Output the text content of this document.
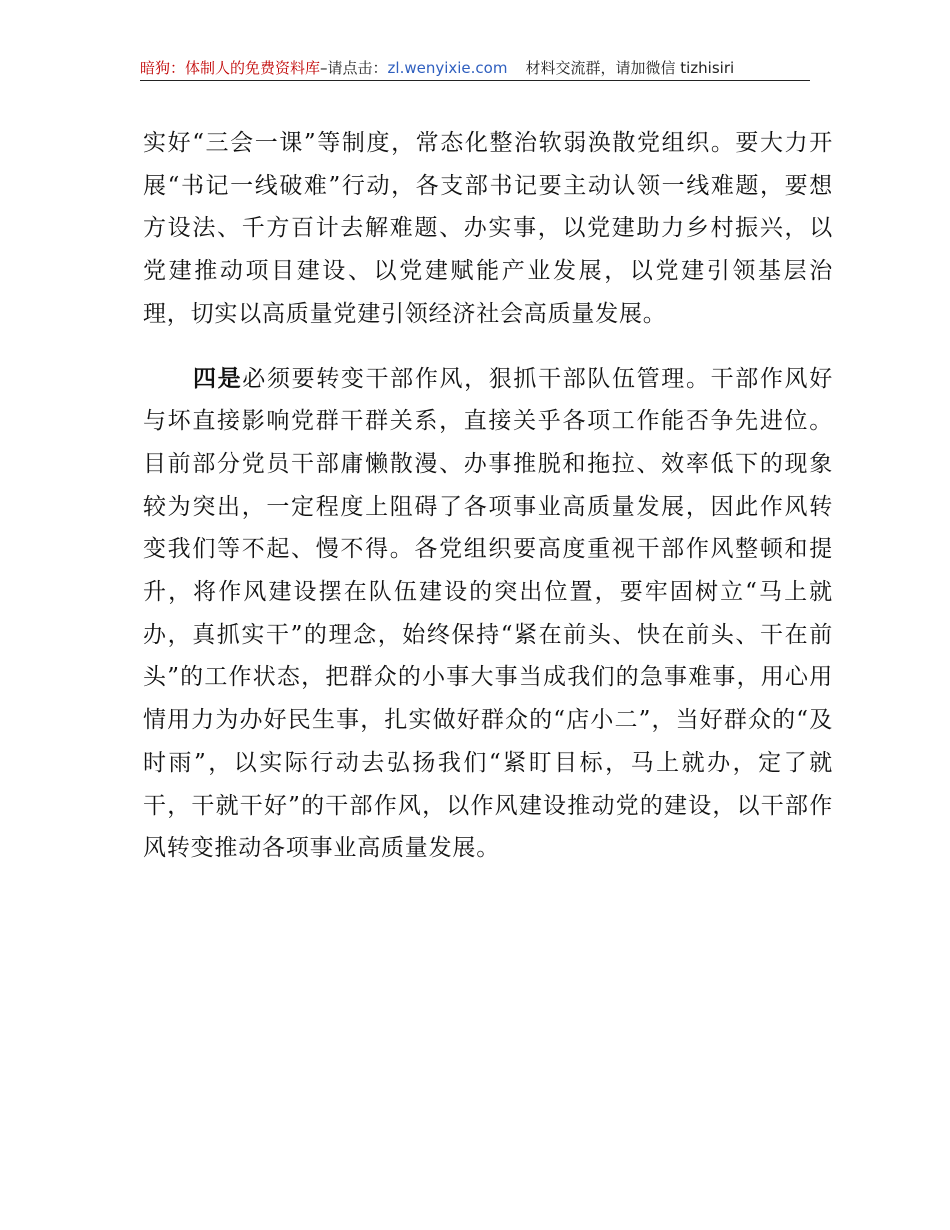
暗狗：体制人的免费资料库–请点击：zl.wenyixie.com 材料交流群，请加微信 tizhisiri

实好“三会一课”等制度，常态化整治软弱涣散党组织。要大力开展“书记一线破难”行动，各支部书记要主动认领一线难题，要想方设法、千方百计去解难题、办实事，以党建助力乡村振兴，以党建推动项目建设、以党建赋能产业发展，以党建引领基层治理，切实以高质量党建引领经济社会高质量发展。

四是必须要转变干部作风，狠抓干部队伍管理。干部作风好与坏直接影响党群干群关系，直接关乎各项工作能否争先进位。目前部分党员干部庸懒散漫、办事推脱和拖拉、效率低下的现象较为突出，一定程度上阻碍了各项事业高质量发展，因此作风转变我们等不起、慢不得。各党组织要高度重视干部作风整顿和提升，将作风建设摆在队伍建设的突出位置，要牢固树立“马上就办，真抓实干”的理念，始终保持“紧在前头、快在前头、干在前头”的工作状态，把群众的小事大事当成我们的急事难事，用心用情用力为办好民生事，扎实做好群众的“店小二”，当好群众的“及时雨”，以实际行动去弘扬我们“紧盯目标，马上就办，定了就干，干就干好”的干部作风，以作风建设推动党的建设，以干部作风转变推动各项事业高质量发展。
